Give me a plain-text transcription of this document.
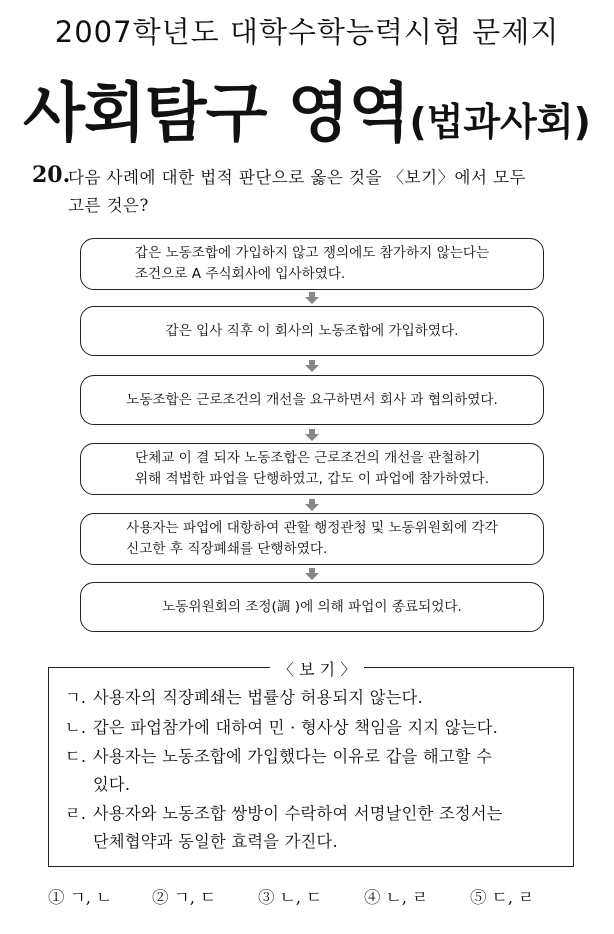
2007학년도 대학수학능력시험 문제지
사회탐구 영역(법과사회)
20.
다음 사례에 대한 법적 판단으로 옳은 것을 〈보기〉에서 모두
고른 것은?
갑은 노동조합에 가입하지 않고 쟁의에도 참가하지 않는다는
조건으로 A 주식회사에 입사하였다.
갑은 입사 직후 이 회사의 노동조합에 가입하였다.
노동조합은 근로조건의 개선을 요구하면서 회사 과 협의하였다.
단체교 이 결 되자 노동조합은 근로조건의 개선을 관철하기
위해 적법한 파업을 단행하였고, 갑도 이 파업에 참가하였다.
사용자는 파업에 대항하여 관할 행정관청 및 노동위원회에 각각
신고한 후 직장폐쇄를 단행하였다.
노동위원회의 조정(調 )에 의해 파업이 종료되었다.
〈 보 기 〉
ㄱ. 사용자의 직장폐쇄는 법률상 허용되지 않는다.
ㄴ. 갑은 파업참가에 대하여 민 · 형사상 책임을 지지 않는다.
ㄷ. 사용자는 노동조합에 가입했다는 이유로 갑을 해고할 수
있다.
ㄹ. 사용자와 노동조합 쌍방이 수락하여 서명날인한 조정서는
단체협약과 동일한 효력을 가진다.
① ㄱ, ㄴ ② ㄱ, ㄷ	③ ㄴ, ㄷ	④ ㄴ, ㄹ	⑤ ㄷ, ㄹ
